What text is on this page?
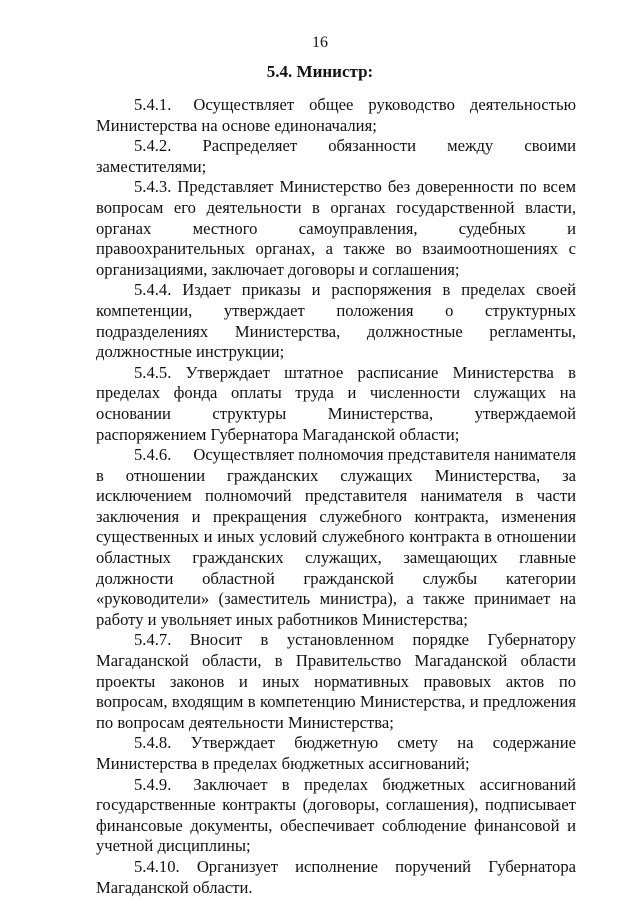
16
5.4. Министр:

5.4.1. Осуществляет общее руководство деятельностью Министерства на основе единоначалия;

5.4.2. Распределяет обязанности между своими заместителями;

5.4.3. Представляет Министерство без доверенности по всем вопросам его деятельности в органах государственной власти, органах местного самоуправления, судебных и правоохранительных органах, а также во взаимоотношениях с организациями, заключает договоры и соглашения;

5.4.4. Издает приказы и распоряжения в пределах своей компетенции, утверждает положения о структурных подразделениях Министерства, должностные регламенты, должностные инструкции;

5.4.5. Утверждает штатное расписание Министерства в пределах фонда оплаты труда и численности служащих на основании структуры Министерства, утверждаемой распоряжением Губернатора Магаданской области;

5.4.6. Осуществляет полномочия представителя нанимателя в отношении гражданских служащих Министерства, за исключением полномочий представителя нанимателя в части заключения и прекращения служебного контракта, изменения существенных и иных условий служебного контракта в отношении областных гражданских служащих, замещающих главные должности областной гражданской службы категории «руководители» (заместитель министра), а также принимает на работу и увольняет иных работников Министерства;

5.4.7. Вносит в установленном порядке Губернатору Магаданской области, в Правительство Магаданской области проекты законов и иных нормативных правовых актов по вопросам, входящим в компетенцию Министерства, и предложения по вопросам деятельности Министерства;

5.4.8. Утверждает бюджетную смету на содержание Министерства в пределах бюджетных ассигнований;

5.4.9. Заключает в пределах бюджетных ассигнований государственные контракты (договоры, соглашения), подписывает финансовые документы, обеспечивает соблюдение финансовой и учетной дисциплины;

5.4.10. Организует исполнение поручений Губернатора Магаданской области.
